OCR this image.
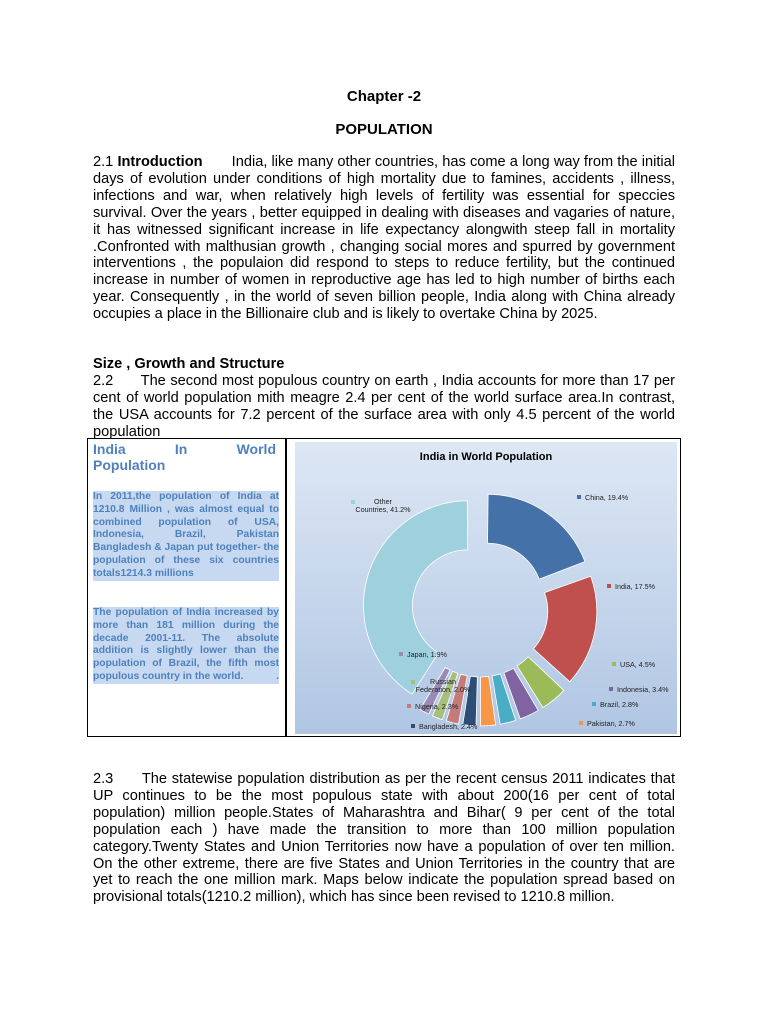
Chapter -2
POPULATION

2.1 Introduction India, like many other countries, has come a long way from the initial days of evolution under conditions of high mortality due to famines, accidents , illness, infections and war, when relatively high levels of fertility was essential for speccies survival. Over the years , better equipped in dealing with diseases and vagaries of nature, it has witnessed significant increase in life expectancy alongwith steep fall in mortality .Confronted with malthusian growth , changing social mores and spurred by government interventions , the populaion did respond to steps to reduce fertility, but the continued increase in number of women in reproductive age has led to high number of births each year. Consequently , in the world of seven billion people, India along with China already occupies a place in the Billionaire club and is likely to overtake China by 2025.

Size , Growth and Structure

2.2 The second most populous country on earth , India accounts for more than 17 per cent of world population mith meagre 2.4 per cent of the world surface area.In contrast, the USA accounts for 7.2 percent of the surface area with only 4.5 percent of the world population

India	In	World
Population

In 2011,the population of India at 1210.8 Million , was almost equal to combined population of USA, Indonesia, Brazil, Pakistan Bangladesh & Japan put together- the population of these six countries totals1214.3 millions

The population of India increased by more than 181 million during the decade 2001-11. The absolute addition is slightly lower than the population of Brazil, the fifth most populous country in the world.	.

India in World Population
China, 19.4%
India, 17.5%
USA, 4.5%
Indonesia, 3.4%
Brazil, 2.8%
Pakistan, 2.7%
Bangladesh, 2.4%
Nigeria, 2.3%
Russian
Federation, 2.0%
Japan, 1.9%
Other
Countries, 41.2%

2.3 The statewise population distribution as per the recent census 2011 indicates that UP continues to be the most populous state with about 200(16 per cent of total population) million people.States of Maharashtra and Bihar( 9 per cent of the total population each ) have made the transition to more than 100 million population category.Twenty States and Union Territories now have a population of over ten million. On the other extreme, there are five States and Union Territories in the country that are yet to reach the one million mark. Maps below indicate the population spread based on provisional totals(1210.2 million), which has since been revised to 1210.8 million.
